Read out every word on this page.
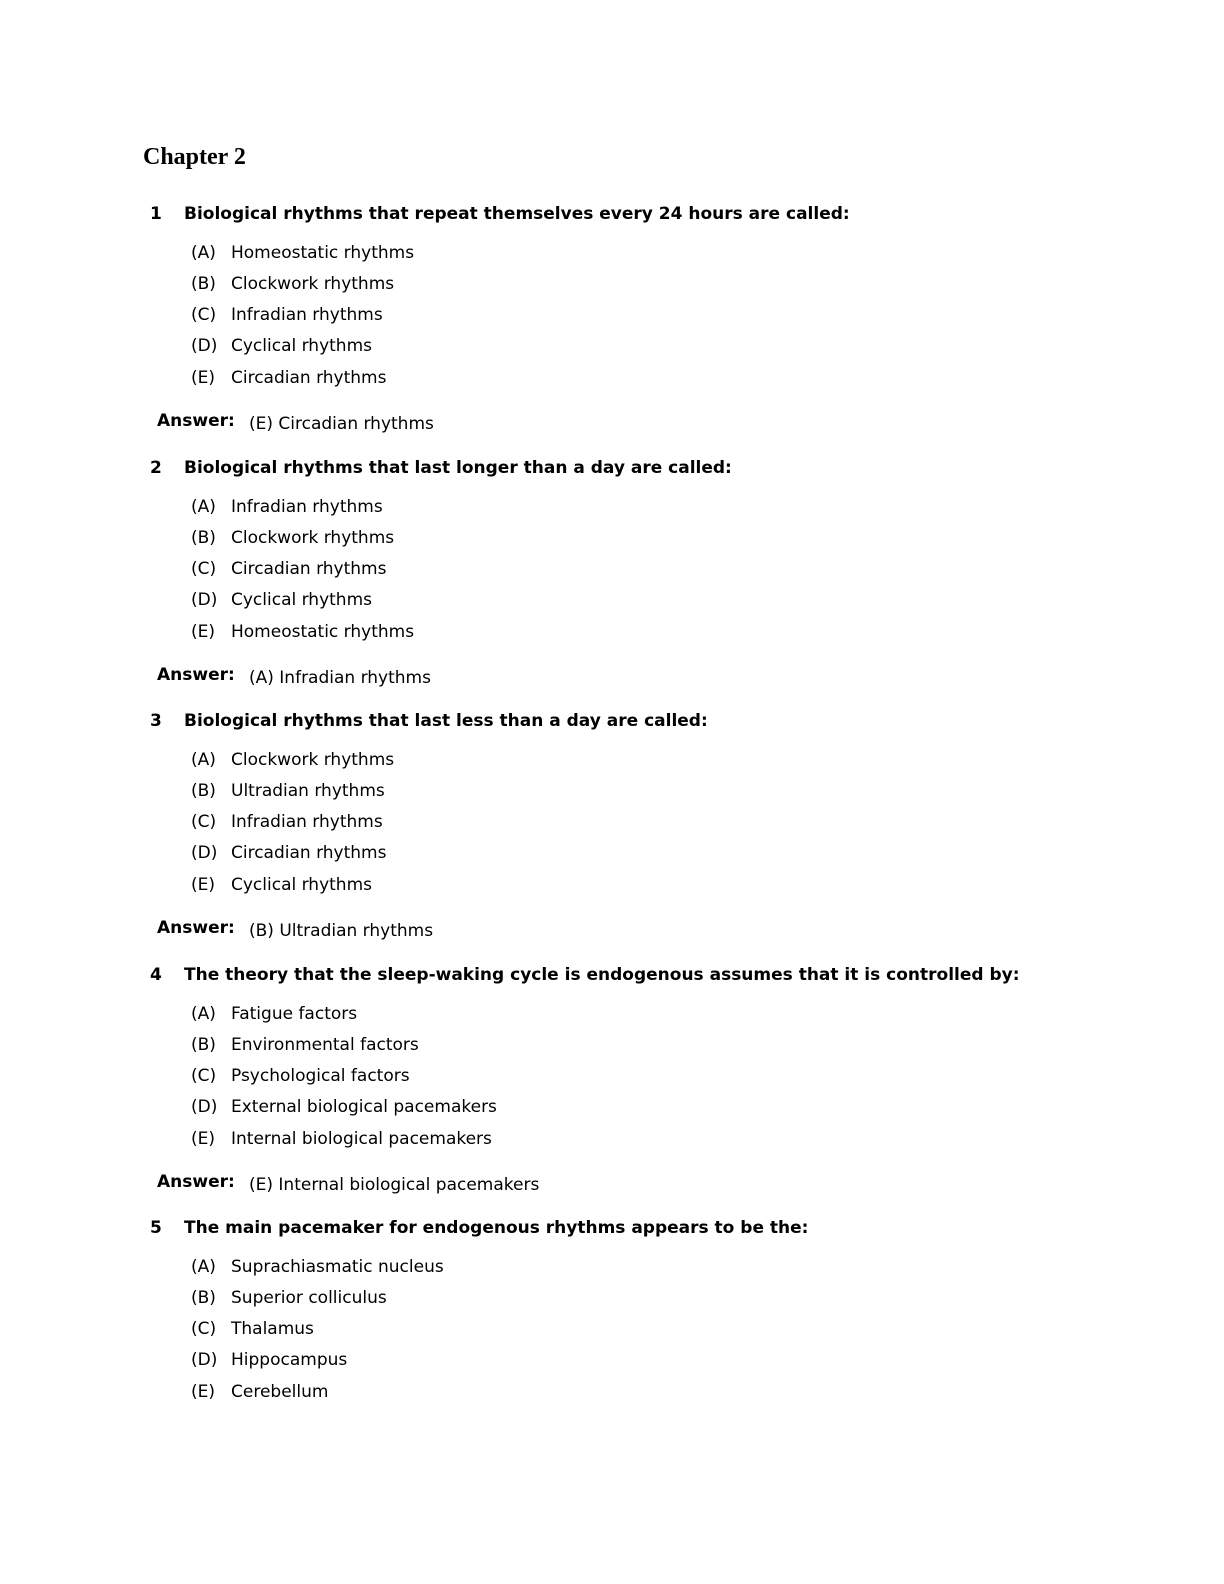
Chapter 2
1 Biological rhythms that repeat themselves every 24 hours are called:
(A) Homeostatic rhythms
(B) Clockwork rhythms
(C) Infradian rhythms
(D) Cyclical rhythms
(E) Circadian rhythms
Answer: (E) Circadian rhythms
2 Biological rhythms that last longer than a day are called:
(A) Infradian rhythms
(B) Clockwork rhythms
(C) Circadian rhythms
(D) Cyclical rhythms
(E) Homeostatic rhythms
Answer: (A) Infradian rhythms
3 Biological rhythms that last less than a day are called:
(A) Clockwork rhythms
(B) Ultradian rhythms
(C) Infradian rhythms
(D) Circadian rhythms
(E) Cyclical rhythms
Answer: (B) Ultradian rhythms
4 The theory that the sleep-waking cycle is endogenous assumes that it is controlled by:
(A) Fatigue factors
(B) Environmental factors
(C) Psychological factors
(D) External biological pacemakers
(E) Internal biological pacemakers
Answer: (E) Internal biological pacemakers
5 The main pacemaker for endogenous rhythms appears to be the:
(A) Suprachiasmatic nucleus
(B) Superior colliculus
(C) Thalamus
(D) Hippocampus
(E) Cerebellum
